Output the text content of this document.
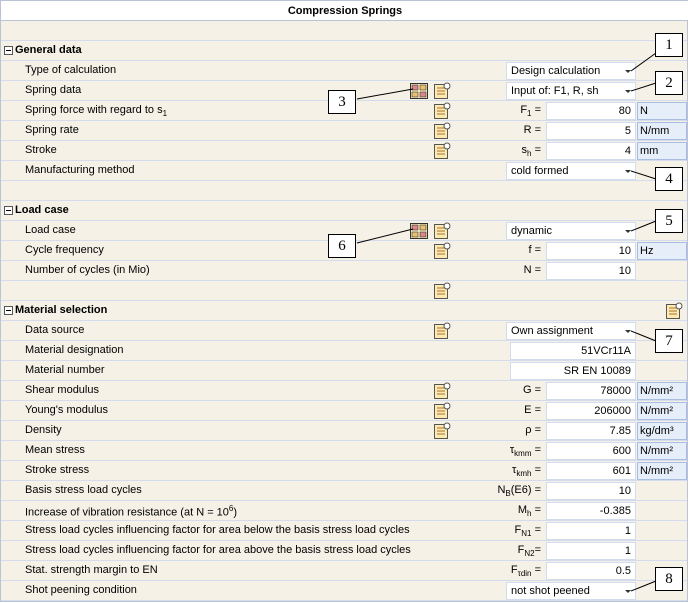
Compression Springs
General data
Type of calculation	Design calculation
Spring data	Input of: F1, R, sh
Spring force with regard to $s_1$	$F_1$ =	80 N
Spring rate	R =	5 N/mm
Stroke	$s_h$ =	4 mm
Manufacturing method	cold formed
Load case
Load case	dynamic
Cycle frequency	f =	10 Hz
Number of cycles (in Mio)	N =	10
Material selection
Data source	Own assignment
Material designation	51VCr11A
Material number	SR EN 10089
Shear modulus	G =	78000 N/mm²
Young's modulus	E =	206000 N/mm²
Density	ρ =	7.85 kg/dm³
Mean stress	$\tau_{kmm}$ =	600 N/mm²
Stroke stress	$\tau_{kmh}$ =	601 N/mm²
Basis stress load cycles	$N_B(E6)$ =	10
Increase of vibration resistance (at $N = 10^6$)	$M_h$ =	-0.385
Stress load cycles influencing factor for area below the basis stress load cycles	$F_{N1}$ =	1
Stress load cycles influencing factor for area above the basis stress load cycles	$F_{N2}=$	1
Stat. strength margin to EN	$F_{\tau din}$ =	0.5
Shot peening condition	not shot peened
1
2
3
4
5
6
7
8
